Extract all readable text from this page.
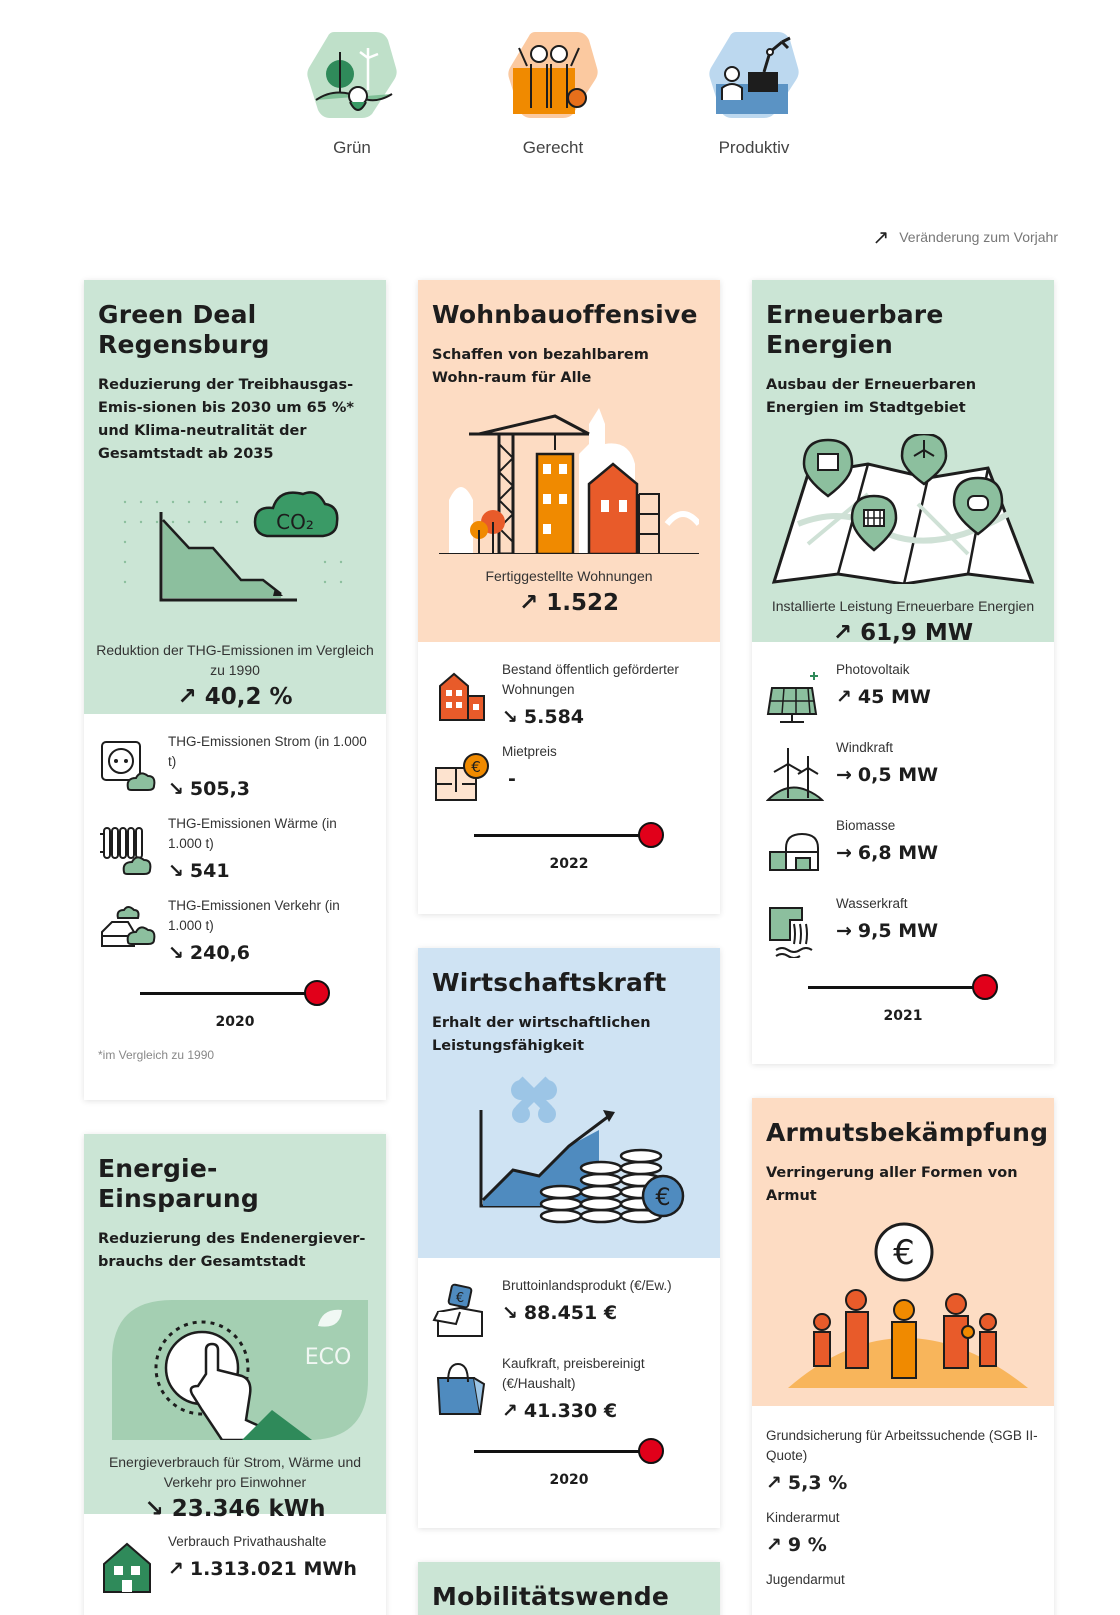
Grün	Gerecht	Produktiv
↗ Veränderung zum Vorjahr
Green Deal Regensburg
Reduzierung der Treibhausgas-Emis-sionen bis 2030 um 65 %* und Klima-neutralität der Gesamtstadt ab 2035
CO₂
Reduktion der THG-Emissionen im Vergleich zu 1990
↗ 40,2 %
THG-Emissionen Strom (in 1.000 t)
↘ 505,3
THG-Emissionen Wärme (in 1.000 t)
↘ 541
THG-Emissionen Verkehr (in 1.000 t)
↘ 240,6
2020
*im Vergleich zu 1990
Energie-Einsparung
Reduzierung des Endenergiever-brauchs der Gesamtstadt
ECO
Energieverbrauch für Strom, Wärme und Verkehr pro Einwohner
↘ 23.346 kWh
Verbrauch Privathaushalte
↗ 1.313.021 MWh
Wohnbauoffensive
Schaffen von bezahlbarem Wohn-raum für Alle
Fertiggestellte Wohnungen
↗ 1.522
Bestand öffentlich geförderter Wohnungen
↘ 5.584
€
Mietpreis
-
2022
Wirtschaftskraft
Erhalt der wirtschaftlichen Leistungsfähigkeit
€
€
Bruttoinlandsprodukt (€/Ew.)
↘ 88.451 €
Kaufkraft, preisbereinigt (€/Haushalt)
↗ 41.330 €
2020
Mobilitätswende
Erneuerbare Energien
Ausbau der Erneuerbaren Energien im Stadtgebiet
Installierte Leistung Erneuerbare Energien
↗ 61,9 MW
Photovoltaik
↗ 45 MW
Windkraft
→ 0,5 MW
Biomasse
→ 6,8 MW
Wasserkraft
→ 9,5 MW
2021
Armutsbekämpfung
Verringerung aller Formen von Armut
€
Grundsicherung für Arbeitssuchende (SGB II-Quote)
↗ 5,3 %
Kinderarmut
↗ 9 %
Jugendarmut
